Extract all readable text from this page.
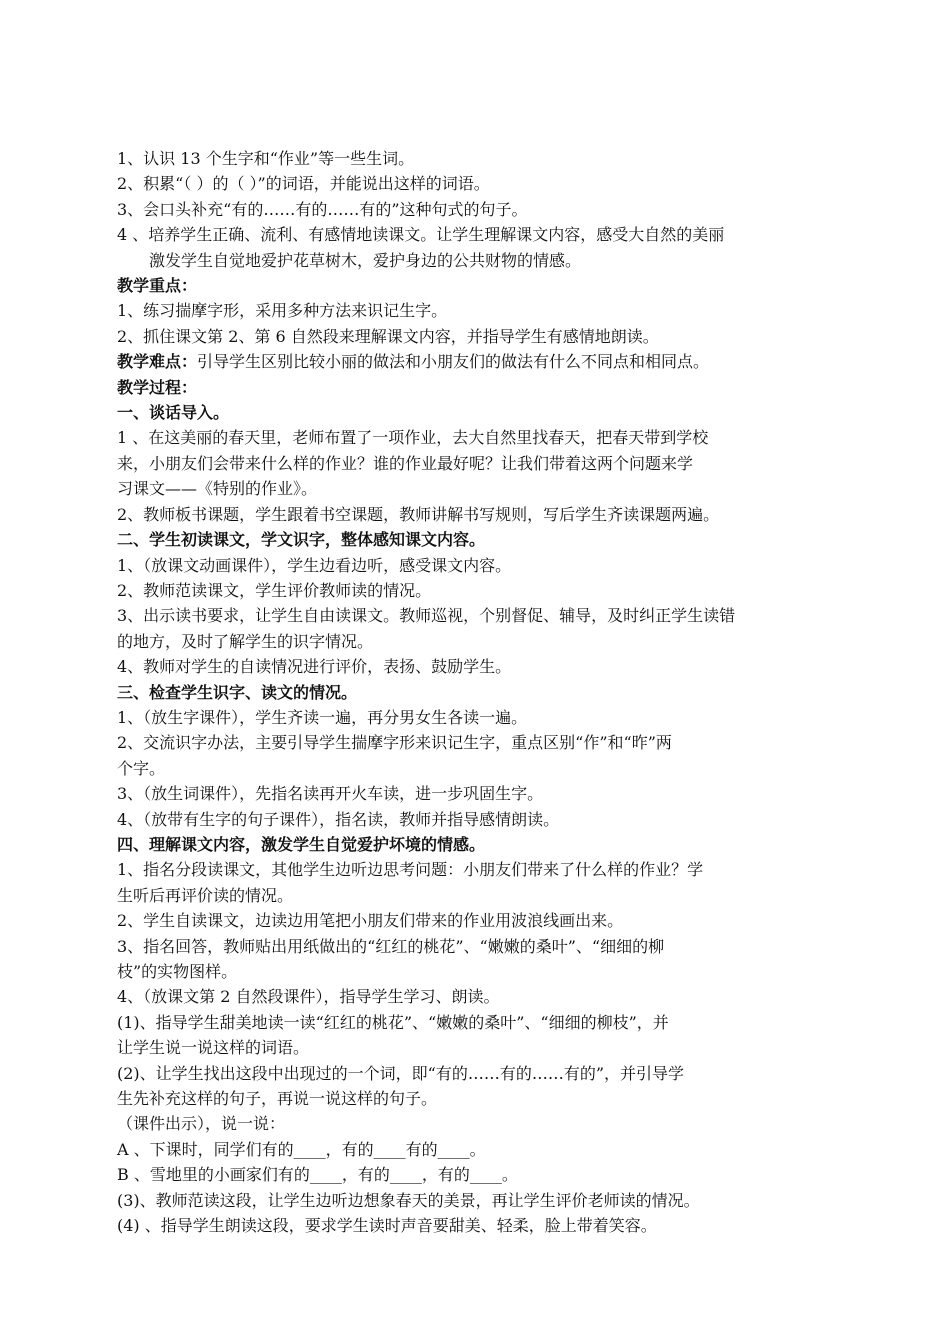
1、认识 13 个生字和“作业”等一些生词。
2、积累“（ ）的（ ）”的词语，并能说出这样的词语。
3、会口头补充“有的……有的……有的”这种句式的句子。
4 、培养学生正确、流利、有感情地读课文。让学生理解课文内容，感受大自然的美丽
激发学生自觉地爱护花草树木，爱护身边的公共财物的情感。
教学重点：
1、练习揣摩字形，采用多种方法来识记生字。
2、抓住课文第 2、第 6 自然段来理解课文内容，并指导学生有感情地朗读。
教学难点：引导学生区别比较小丽的做法和小朋友们的做法有什么不同点和相同点。
教学过程：
一、谈话导入。
1 、在这美丽的春天里，老师布置了一项作业，去大自然里找春天，把春天带到学校
来，小朋友们会带来什么样的作业？谁的作业最好呢？让我们带着这两个问题来学
习课文——《特别的作业》。
2、教师板书课题，学生跟着书空课题，教师讲解书写规则，写后学生齐读课题两遍。
二、学生初读课文，学文识字，整体感知课文内容。
1、（放课文动画课件），学生边看边听，感受课文内容。
2、教师范读课文，学生评价教师读的情况。
3、出示读书要求，让学生自由读课文。教师巡视，个别督促、辅导，及时纠正学生读错
的地方，及时了解学生的识字情况。
4、教师对学生的自读情况进行评价，表扬、鼓励学生。
三、检查学生识字、读文的情况。
1、（放生字课件），学生齐读一遍，再分男女生各读一遍。
2、交流识字办法，主要引导学生揣摩字形来识记生字，重点区别“作”和“昨”两
个字。
3、（放生词课件），先指名读再开火车读，进一步巩固生字。
4、（放带有生字的句子课件），指名读，教师并指导感情朗读。
四、理解课文内容，激发学生自觉爱护坏境的情感。
1、指名分段读课文，其他学生边听边思考问题：小朋友们带来了什么样的作业？学
生听后再评价读的情况。
2、学生自读课文，边读边用笔把小朋友们带来的作业用波浪线画出来。
3、指名回答，教师贴出用纸做出的“红红的桃花”、“嫩嫩的桑叶”、“细细的柳
枝”的实物图样。
4、（放课文第 2 自然段课件），指导学生学习、朗读。
(1)、指导学生甜美地读一读“红红的桃花”、“嫩嫩的桑叶”、“细细的柳枝”，并
让学生说一说这样的词语。
(2)、让学生找出这段中出现过的一个词，即“有的……有的……有的”，并引导学
生先补充这样的句子，再说一说这样的句子。
（课件出示），说一说：
A 、下课时，同学们有的____，有的____有的____。
B 、雪地里的小画家们有的____，有的____，有的____。
(3)、教师范读这段，让学生边听边想象春天的美景，再让学生评价老师读的情况。
(4) 、指导学生朗读这段，要求学生读时声音要甜美、轻柔，脸上带着笑容。
